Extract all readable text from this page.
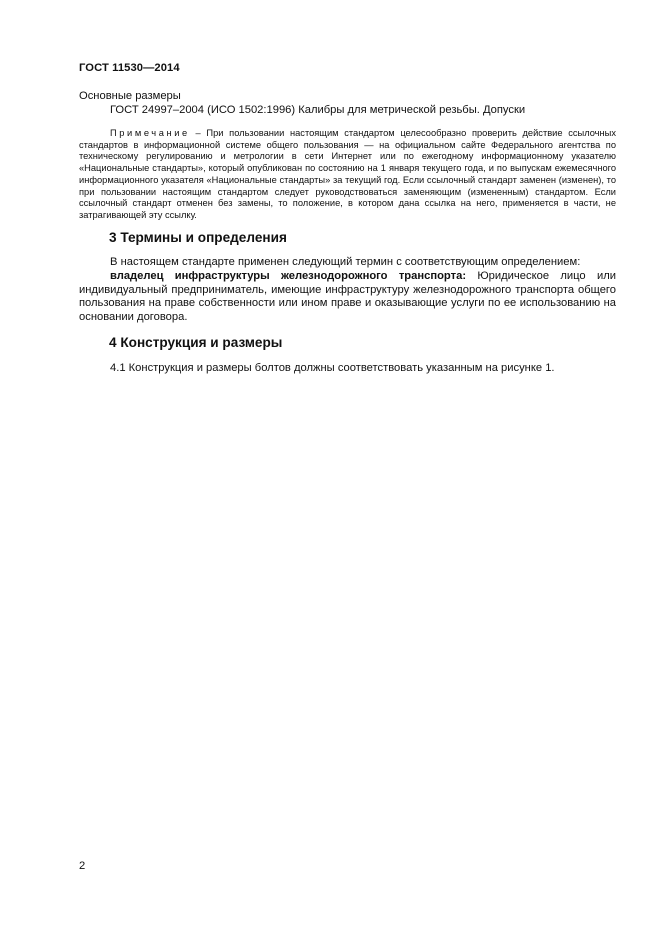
ГОСТ 11530—2014
Основные размеры
ГОСТ 24997–2004 (ИСО 1502:1996) Калибры для метрической резьбы. Допуски

Примечание – При пользовании настоящим стандартом целесообразно проверить действие ссылочных стандартов в информационной системе общего пользования — на официальном сайте Федерального агентства по техническому регулированию и метрологии в сети Интернет или по ежегодному информационному указателю «Национальные стандарты», который опубликован по состоянию на 1 января текущего года, и по выпускам ежемесячного информационного указателя «Национальные стандарты» за текущий год. Если ссылочный стандарт заменен (изменен), то при пользовании настоящим стандартом следует руководствоваться заменяющим (измененным) стандартом. Если ссылочный стандарт отменен без замены, то положение, в котором дана ссылка на него, применяется в части, не затрагивающей эту ссылку.

3 Термины и определения

В настоящем стандарте применен следующий термин с соответствующим определением:

владелец инфраструктуры железнодорожного транспорта: Юридическое лицо или индивидуальный предприниматель, имеющие инфраструктуру железнодорожного транспорта общего пользования на праве собственности или ином праве и оказывающие услуги по ее использованию на основании договора.

4 Конструкция и размеры

4.1 Конструкция и размеры болтов должны соответствовать указанным на рисунке 1.

2
